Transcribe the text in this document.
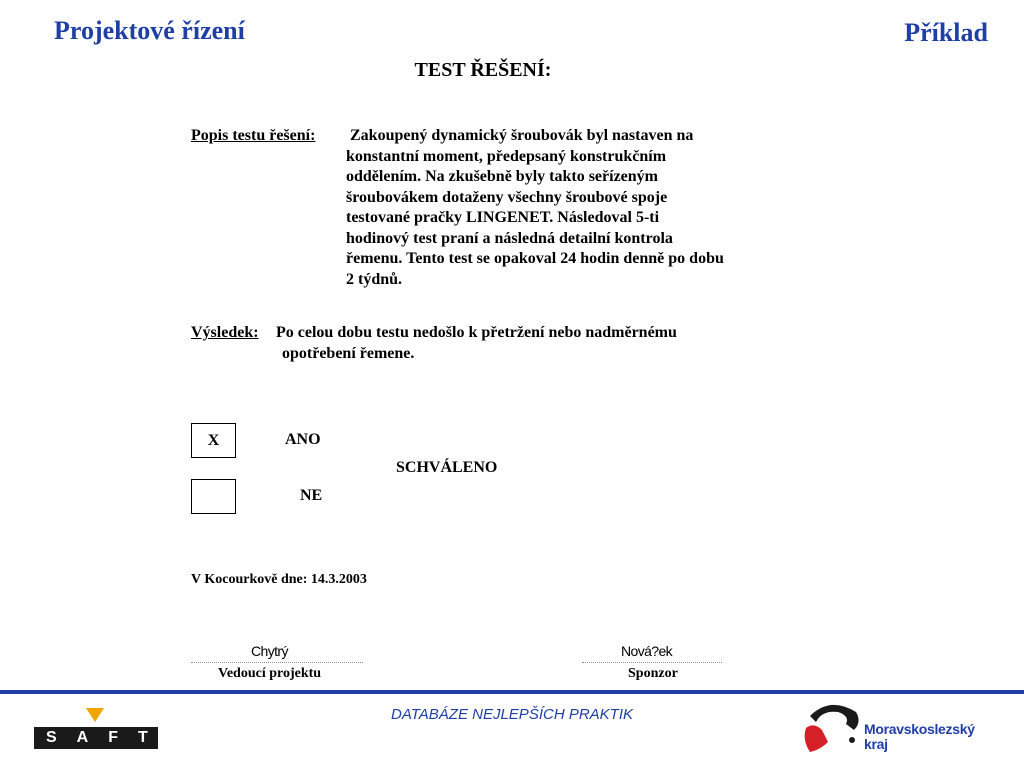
Projektové řízení	Příklad
TEST ŘEŠENÍ:
Popis testu řešení: Zakoupený dynamický šroubovák byl nastaven na
konstantní moment, předepsaný konstrukčním
oddělením. Na zkušebně byly takto seřízeným
šroubovákem dotaženy všechny šroubové spoje
testované pračky LINGENET. Následoval 5-ti
hodinový test praní a následná detailní kontrola
řemenu. Tento test se opakoval 24 hodin denně po dobu
2 týdnů.
Výsledek: Po celou dobu testu nedošlo k přetržení nebo nadměrnému
opotřebení řemene.
X	ANO
SCHVÁLENO
NE
V Kocourkově dne: 14.3.2003
Chytrý	Nová?ek
Vedoucí projektu	Sponzor
DATABÁZE NEJLEPŠÍCH PRAKTIK
SAFT	Moravskoslezský
kraj
